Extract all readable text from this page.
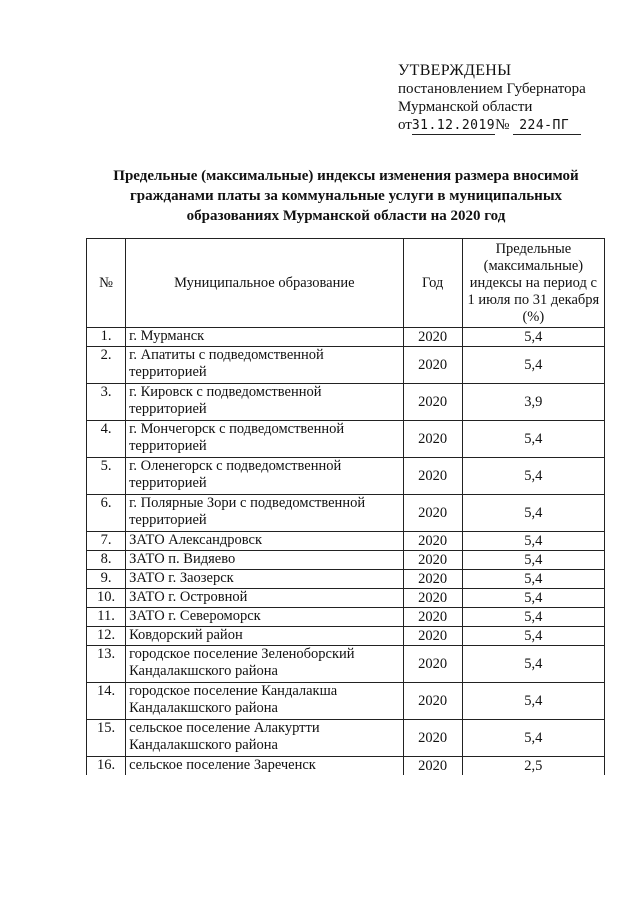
УТВЕРЖДЕНЫ
постановлением Губернатора
Мурманской области
от31.12.2019№ 224-ПГ
Предельные (максимальные) индексы изменения размера вносимой гражданами платы за коммунальные услуги в муниципальных образованиях Мурманской области на 2020 год
№	Муниципальное образование	Год	Предельные (максимальные) индексы на период с 1 июля по 31 декабря (%)
1.	г. Мурманск	2020	5,4
2.	г. Апатиты с подведомственной территорией	2020	5,4
3.	г. Кировск с подведомственной территорией	2020	3,9
4.	г. Мончегорск с подведомственной территорией	2020	5,4
5.	г. Оленегорск с подведомственной территорией	2020	5,4
6.	г. Полярные Зори с подведомственной территорией	2020	5,4
7.	ЗАТО Александровск	2020	5,4
8.	ЗАТО п. Видяево	2020	5,4
9.	ЗАТО г. Заозерск	2020	5,4
10.	ЗАТО г. Островной	2020	5,4
11.	ЗАТО г. Североморск	2020	5,4
12.	Ковдорский район	2020	5,4
13.	городское поселение Зеленоборский Кандалакшского района	2020	5,4
14.	городское поселение Кандалакша Кандалакшского района	2020	5,4
15.	сельское поселение Алакуртти Кандалакшского района	2020	5,4
16.	сельское поселение Зареченск	2020	2,5
